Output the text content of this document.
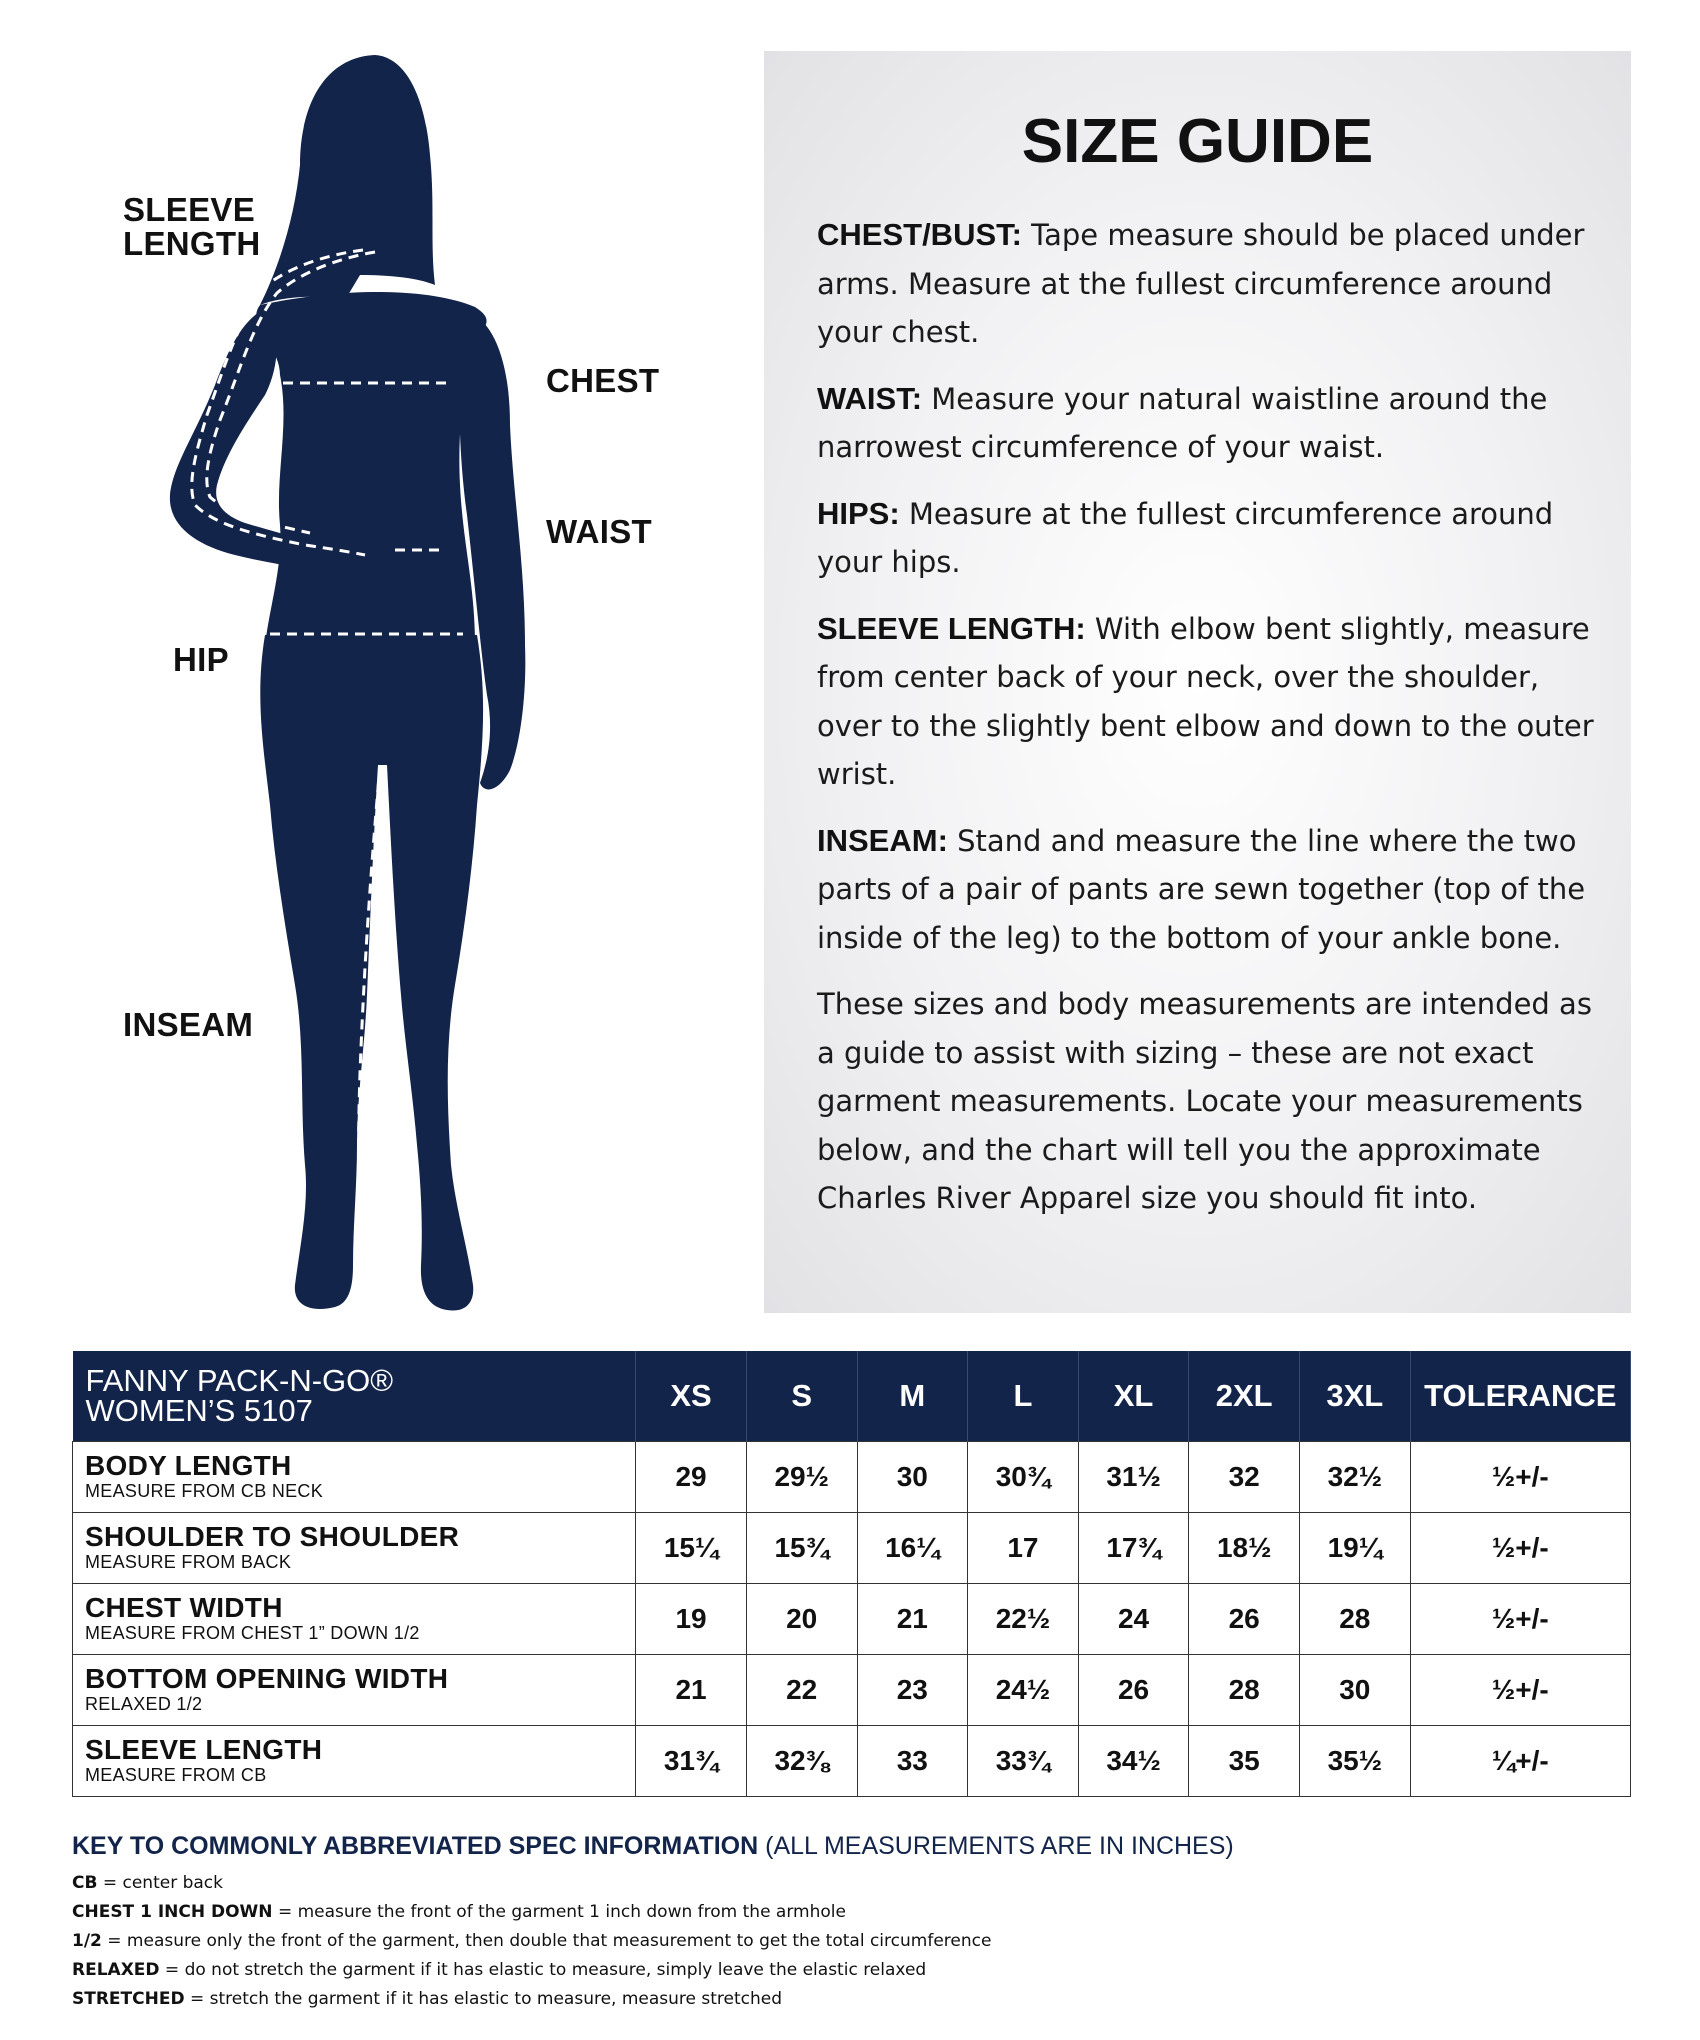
SLEEVE
LENGTH
CHEST
WAIST
HIP
INSEAM
SIZE GUIDE

CHEST/BUST: Tape measure should be placed under arms. Measure at the fullest circumference around your chest.

WAIST: Measure your natural waistline around the narrowest circumference of your waist.

HIPS: Measure at the fullest circumference around your hips.

SLEEVE LENGTH: With elbow bent slightly, measure from center back of your neck, over the shoulder, over to the slightly bent elbow and down to the outer wrist.

INSEAM: Stand and measure the line where the two parts of a pair of pants are sewn together (top of the inside of the leg) to the bottom of your ankle bone.

These sizes and body measurements are intended as a guide to assist with sizing – these are not exact garment measurements. Locate your measurements below, and the chart will tell you the approximate Charles River Apparel size you should fit into.

FANNY PACK-N-GO®
WOMEN’S 5107	XS	S	M	L	XL	2XL	3XL	TOLERANCE

BODY LENGTH
MEASURE FROM CB NECK	29	29½	30	30¾	31½	32	32½	½+/-

SHOULDER TO SHOULDER
MEASURE FROM BACK	15¼	15¾	16¼	17	17¾	18½	19¼	½+/-

CHEST WIDTH
MEASURE FROM CHEST 1” DOWN 1/2	19	20	21	22½	24	26	28	½+/-

BOTTOM OPENING WIDTH
RELAXED 1/2	21	22	23	24½	26	28	30	½+/-

SLEEVE LENGTH
MEASURE FROM CB	31¾	32⅜	33	33¾	34½	35	35½	¼+/-
KEY TO COMMONLY ABBREVIATED SPEC INFORMATION (ALL MEASUREMENTS ARE IN INCHES)
CB = center back
CHEST 1 INCH DOWN = measure the front of the garment 1 inch down from the armhole
1/2 = measure only the front of the garment, then double that measurement to get the total circumference
RELAXED = do not stretch the garment if it has elastic to measure, simply leave the elastic relaxed
STRETCHED = stretch the garment if it has elastic to measure, measure stretched
